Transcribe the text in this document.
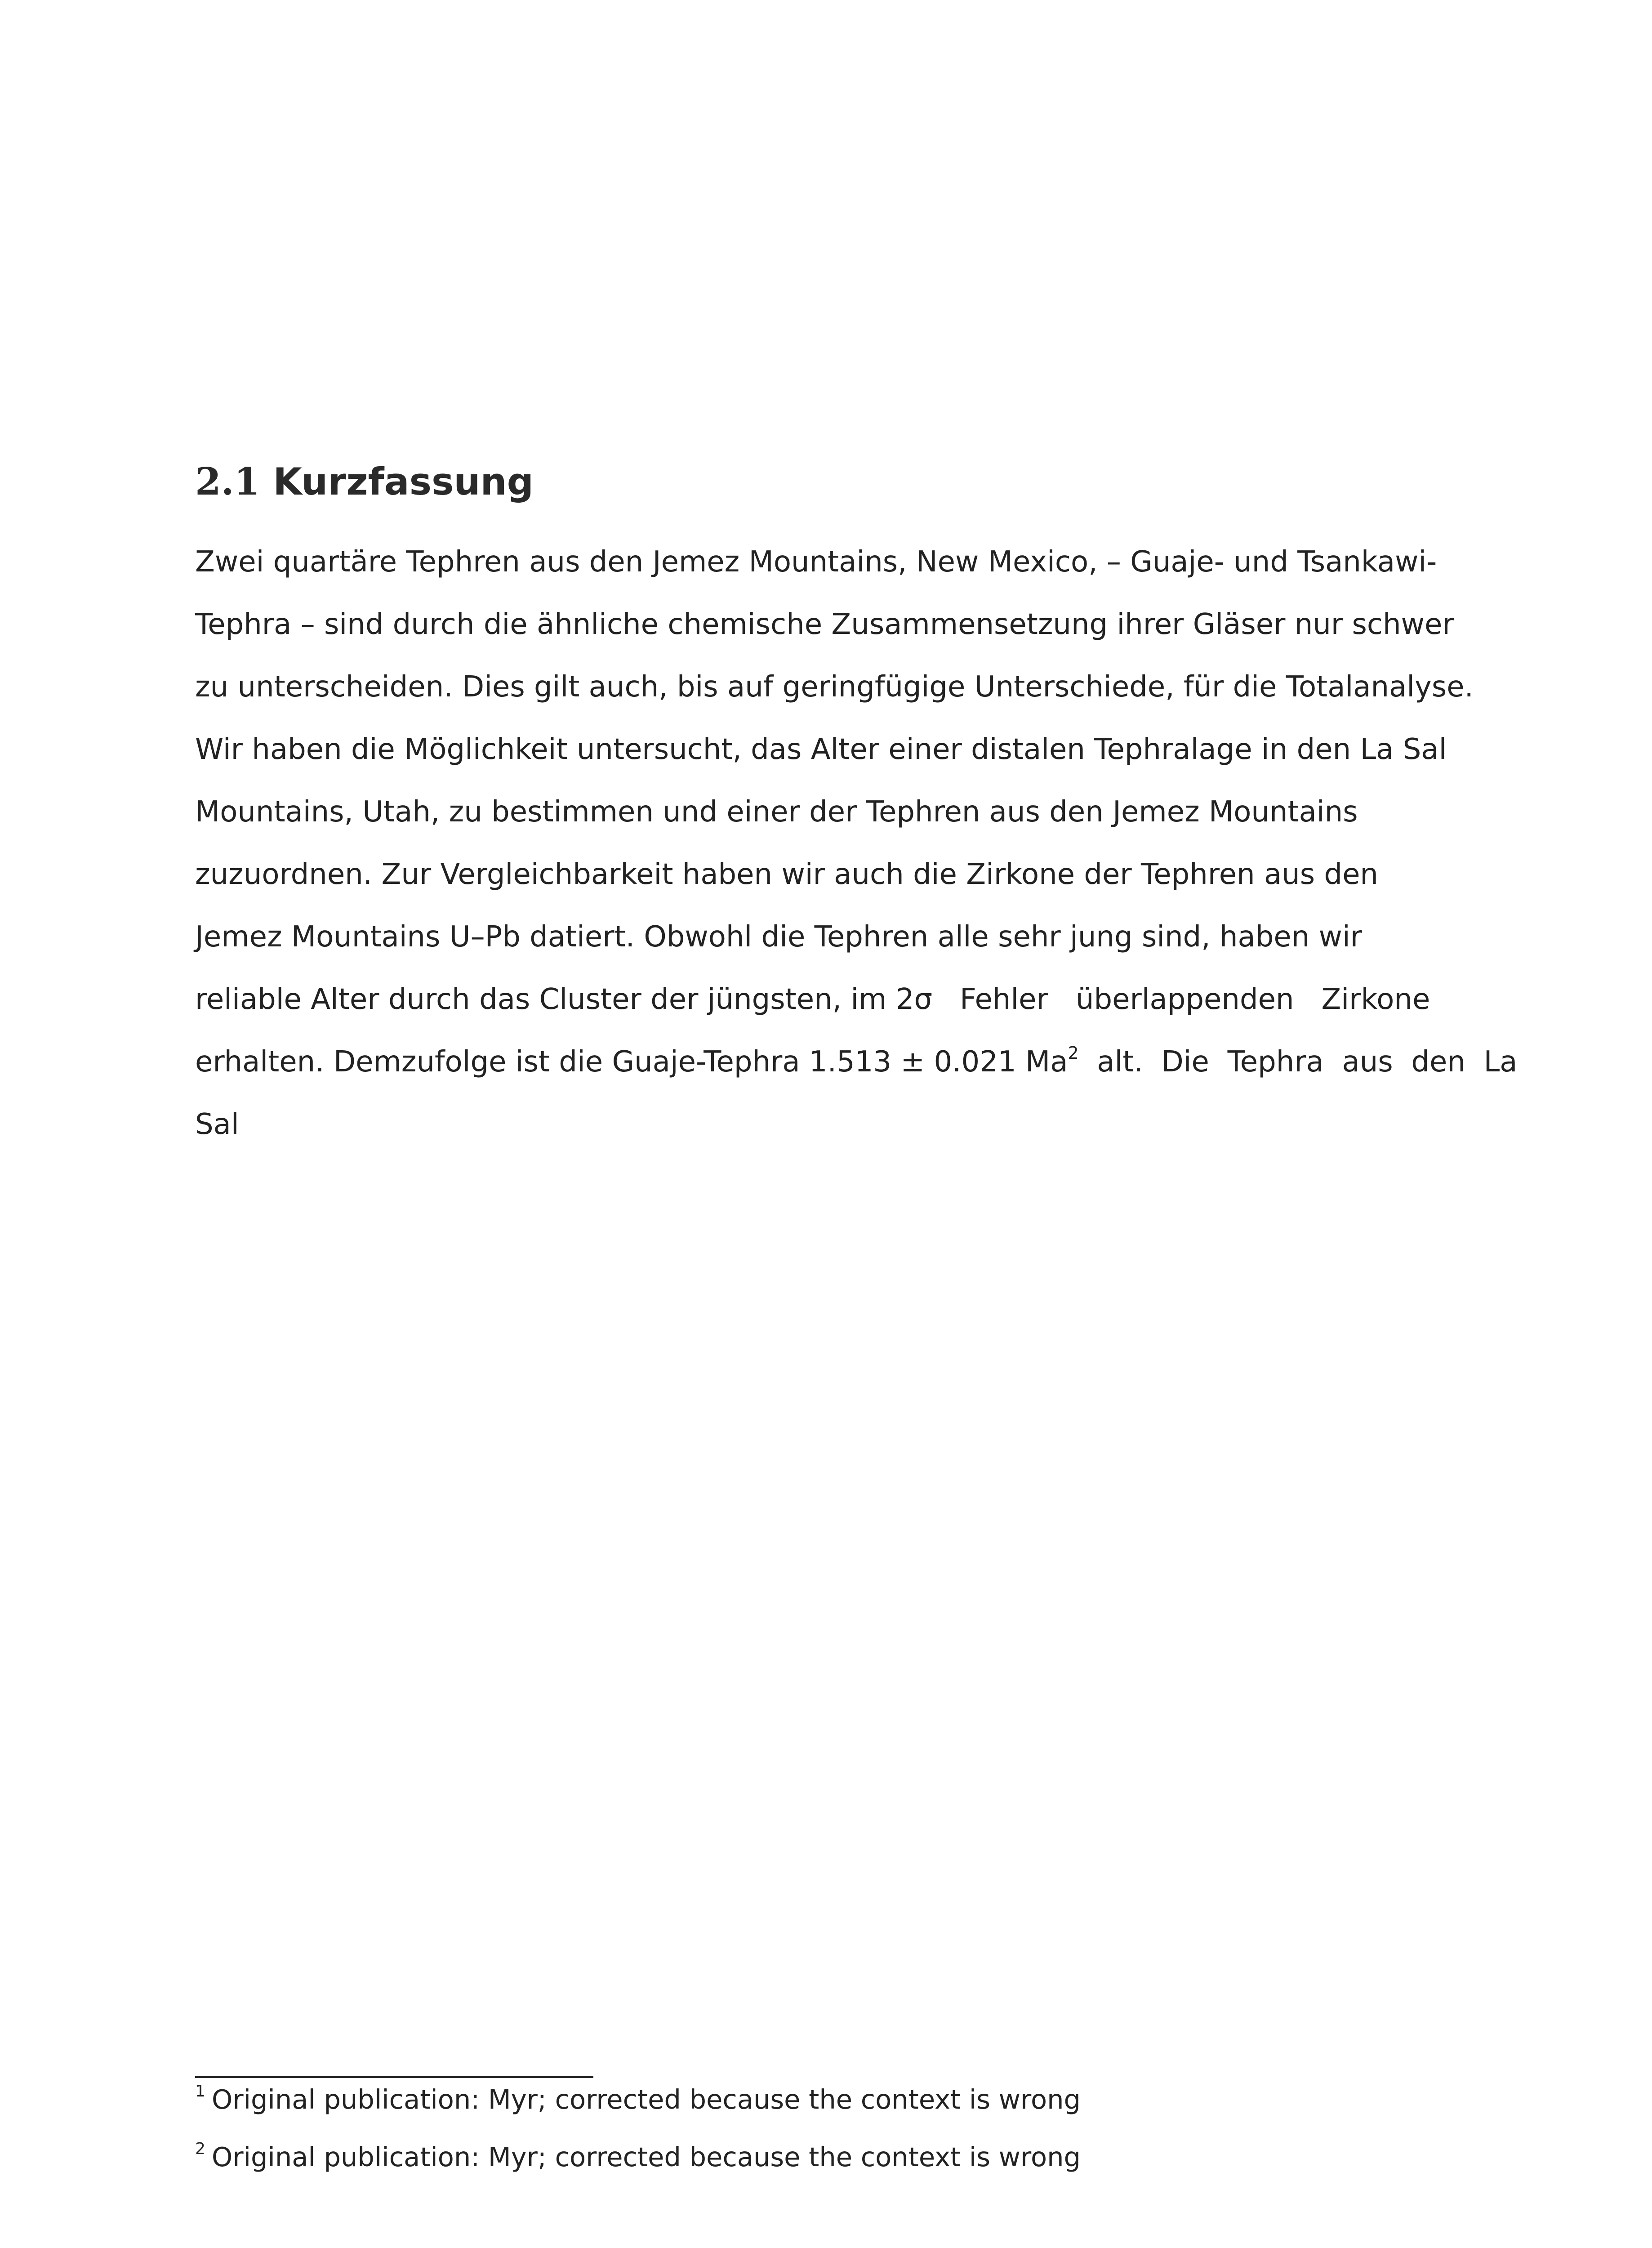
2.1 Kurzfassung

Zwei quartäre Tephren aus den Jemez Mountains, New Mexico, – Guaje- und Tsankawi-

Tephra – sind durch die ähnliche chemische Zusammensetzung ihrer Gläser nur schwer

zu unterscheiden. Dies gilt auch, bis auf geringfügige Unterschiede, für die Totalanalyse.

Wir haben die Möglichkeit untersucht, das Alter einer distalen Tephralage in den La Sal

Mountains, Utah, zu bestimmen und einer der Tephren aus den Jemez Mountains

zuzuordnen. Zur Vergleichbarkeit haben wir auch die Zirkone der Tephren aus den

Jemez Mountains U–Pb datiert. Obwohl die Tephren alle sehr jung sind, haben wir

reliable Alter durch das Cluster der jüngsten, im 2σ   Fehler   überlappenden   Zirkone

erhalten. Demzufolge ist die Guaje-Tephra 1.513 ± 0.021 Ma$^2$  alt.  Die  Tephra  aus  den  La

Sal

$^1$ Original publication: Myr; corrected because the context is wrong

$^2$ Original publication: Myr; corrected because the context is wrong
